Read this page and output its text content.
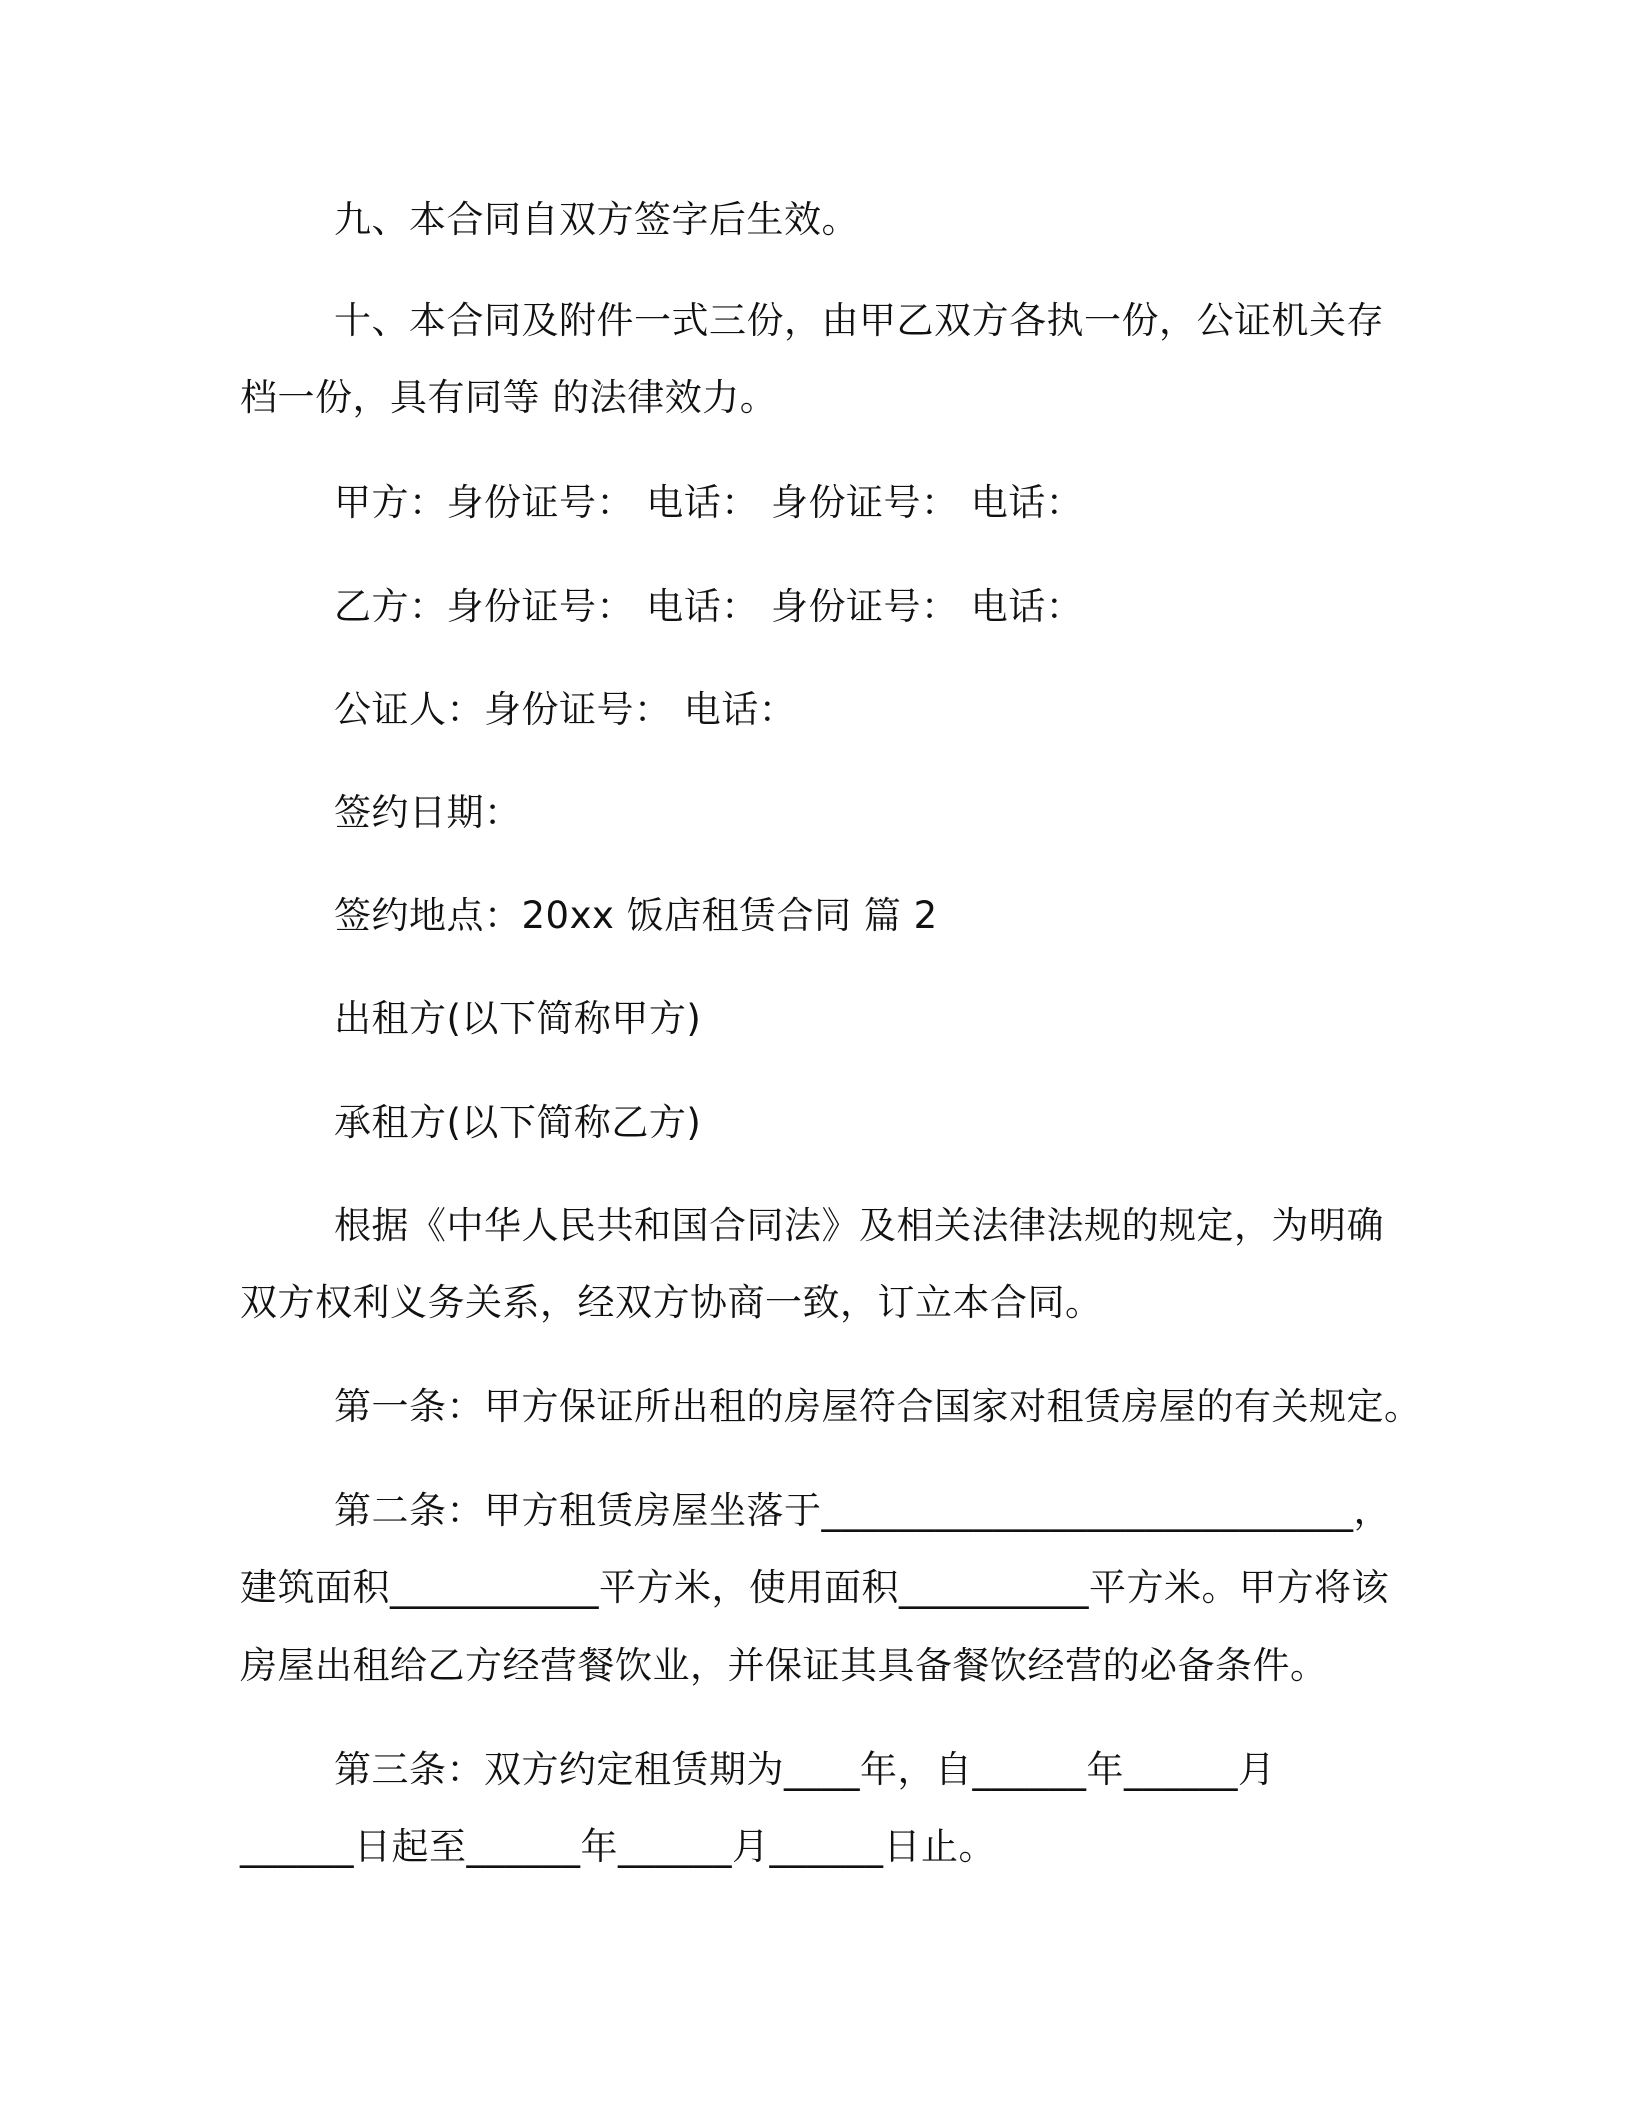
九、本合同自双方签字后生效。
十、本合同及附件一式三份，由甲乙双方各执一份，公证机关存
档一份，具有同等 的法律效力。
甲方：身份证号： 电话： 身份证号： 电话：
乙方：身份证号： 电话： 身份证号： 电话：
公证人：身份证号： 电话：
签约日期：
签约地点：20xx 饭店租赁合同 篇 2
出租方(以下简称甲方)
承租方(以下简称乙方)
根据《中华人民共和国合同法》及相关法律法规的规定，为明确
双方权利义务关系，经双方协商一致，订立本合同。
第一条：甲方保证所出租的房屋符合国家对租赁房屋的有关规定。
第二条：甲方租赁房屋坐落于____________________________，
建筑面积___________平方米，使用面积__________平方米。甲方将该
房屋出租给乙方经营餐饮业，并保证其具备餐饮经营的必备条件。
第三条：双方约定租赁期为____年，自______年______月
______日起至______年______月______日止。
